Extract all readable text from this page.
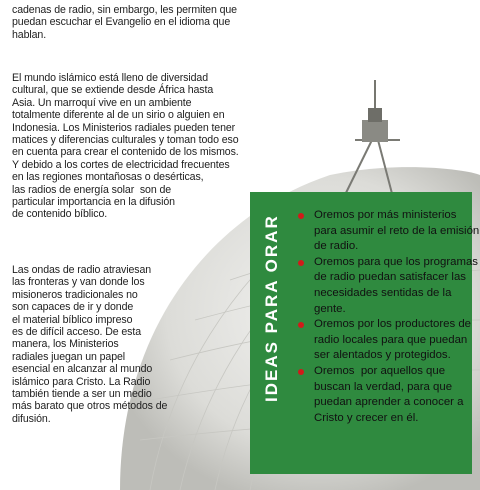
cadenas de radio, sin embargo, les permiten que
puedan escuchar el Evangelio en el idioma que
hablan.
El mundo islámico está lleno de diversidad
cultural, que se extiende desde África hasta
Asia. Un marroquí vive en un ambiente
totalmente diferente al de un sirio o alguien en
Indonesia. Los Ministerios radiales pueden tener
matices y diferencias culturales y toman todo eso
en cuenta para crear el contenido de los mismos.
Y debido a los cortes de electricidad frecuentes
en las regiones montañosas o desérticas,
las radios de energía solar  son de
particular importancia en la difusión
de contenido bíblico.
Las ondas de radio atraviesan
las fronteras y van donde los
misioneros tradicionales no
son capaces de ir y donde
el material bíblico impreso
es de difícil acceso. De esta
manera, los Ministerios
radiales juegan un papel
esencial en alcanzar al mundo
islámico para Cristo. La Radio
también tiende a ser un medio
más barato que otros métodos de
difusión.
IDEAS PARA ORAR	Oremos por más ministerios
para asumir el reto de la emisión
de radio.
Oremos para que los programas
de radio puedan satisfacer las
necesidades sentidas de la
gente.
Oremos por los productores de
radio locales para que puedan
ser alentados y protegidos.
Oremos  por aquellos que
buscan la verdad, para que
puedan aprender a conocer a
Cristo y crecer en él.
